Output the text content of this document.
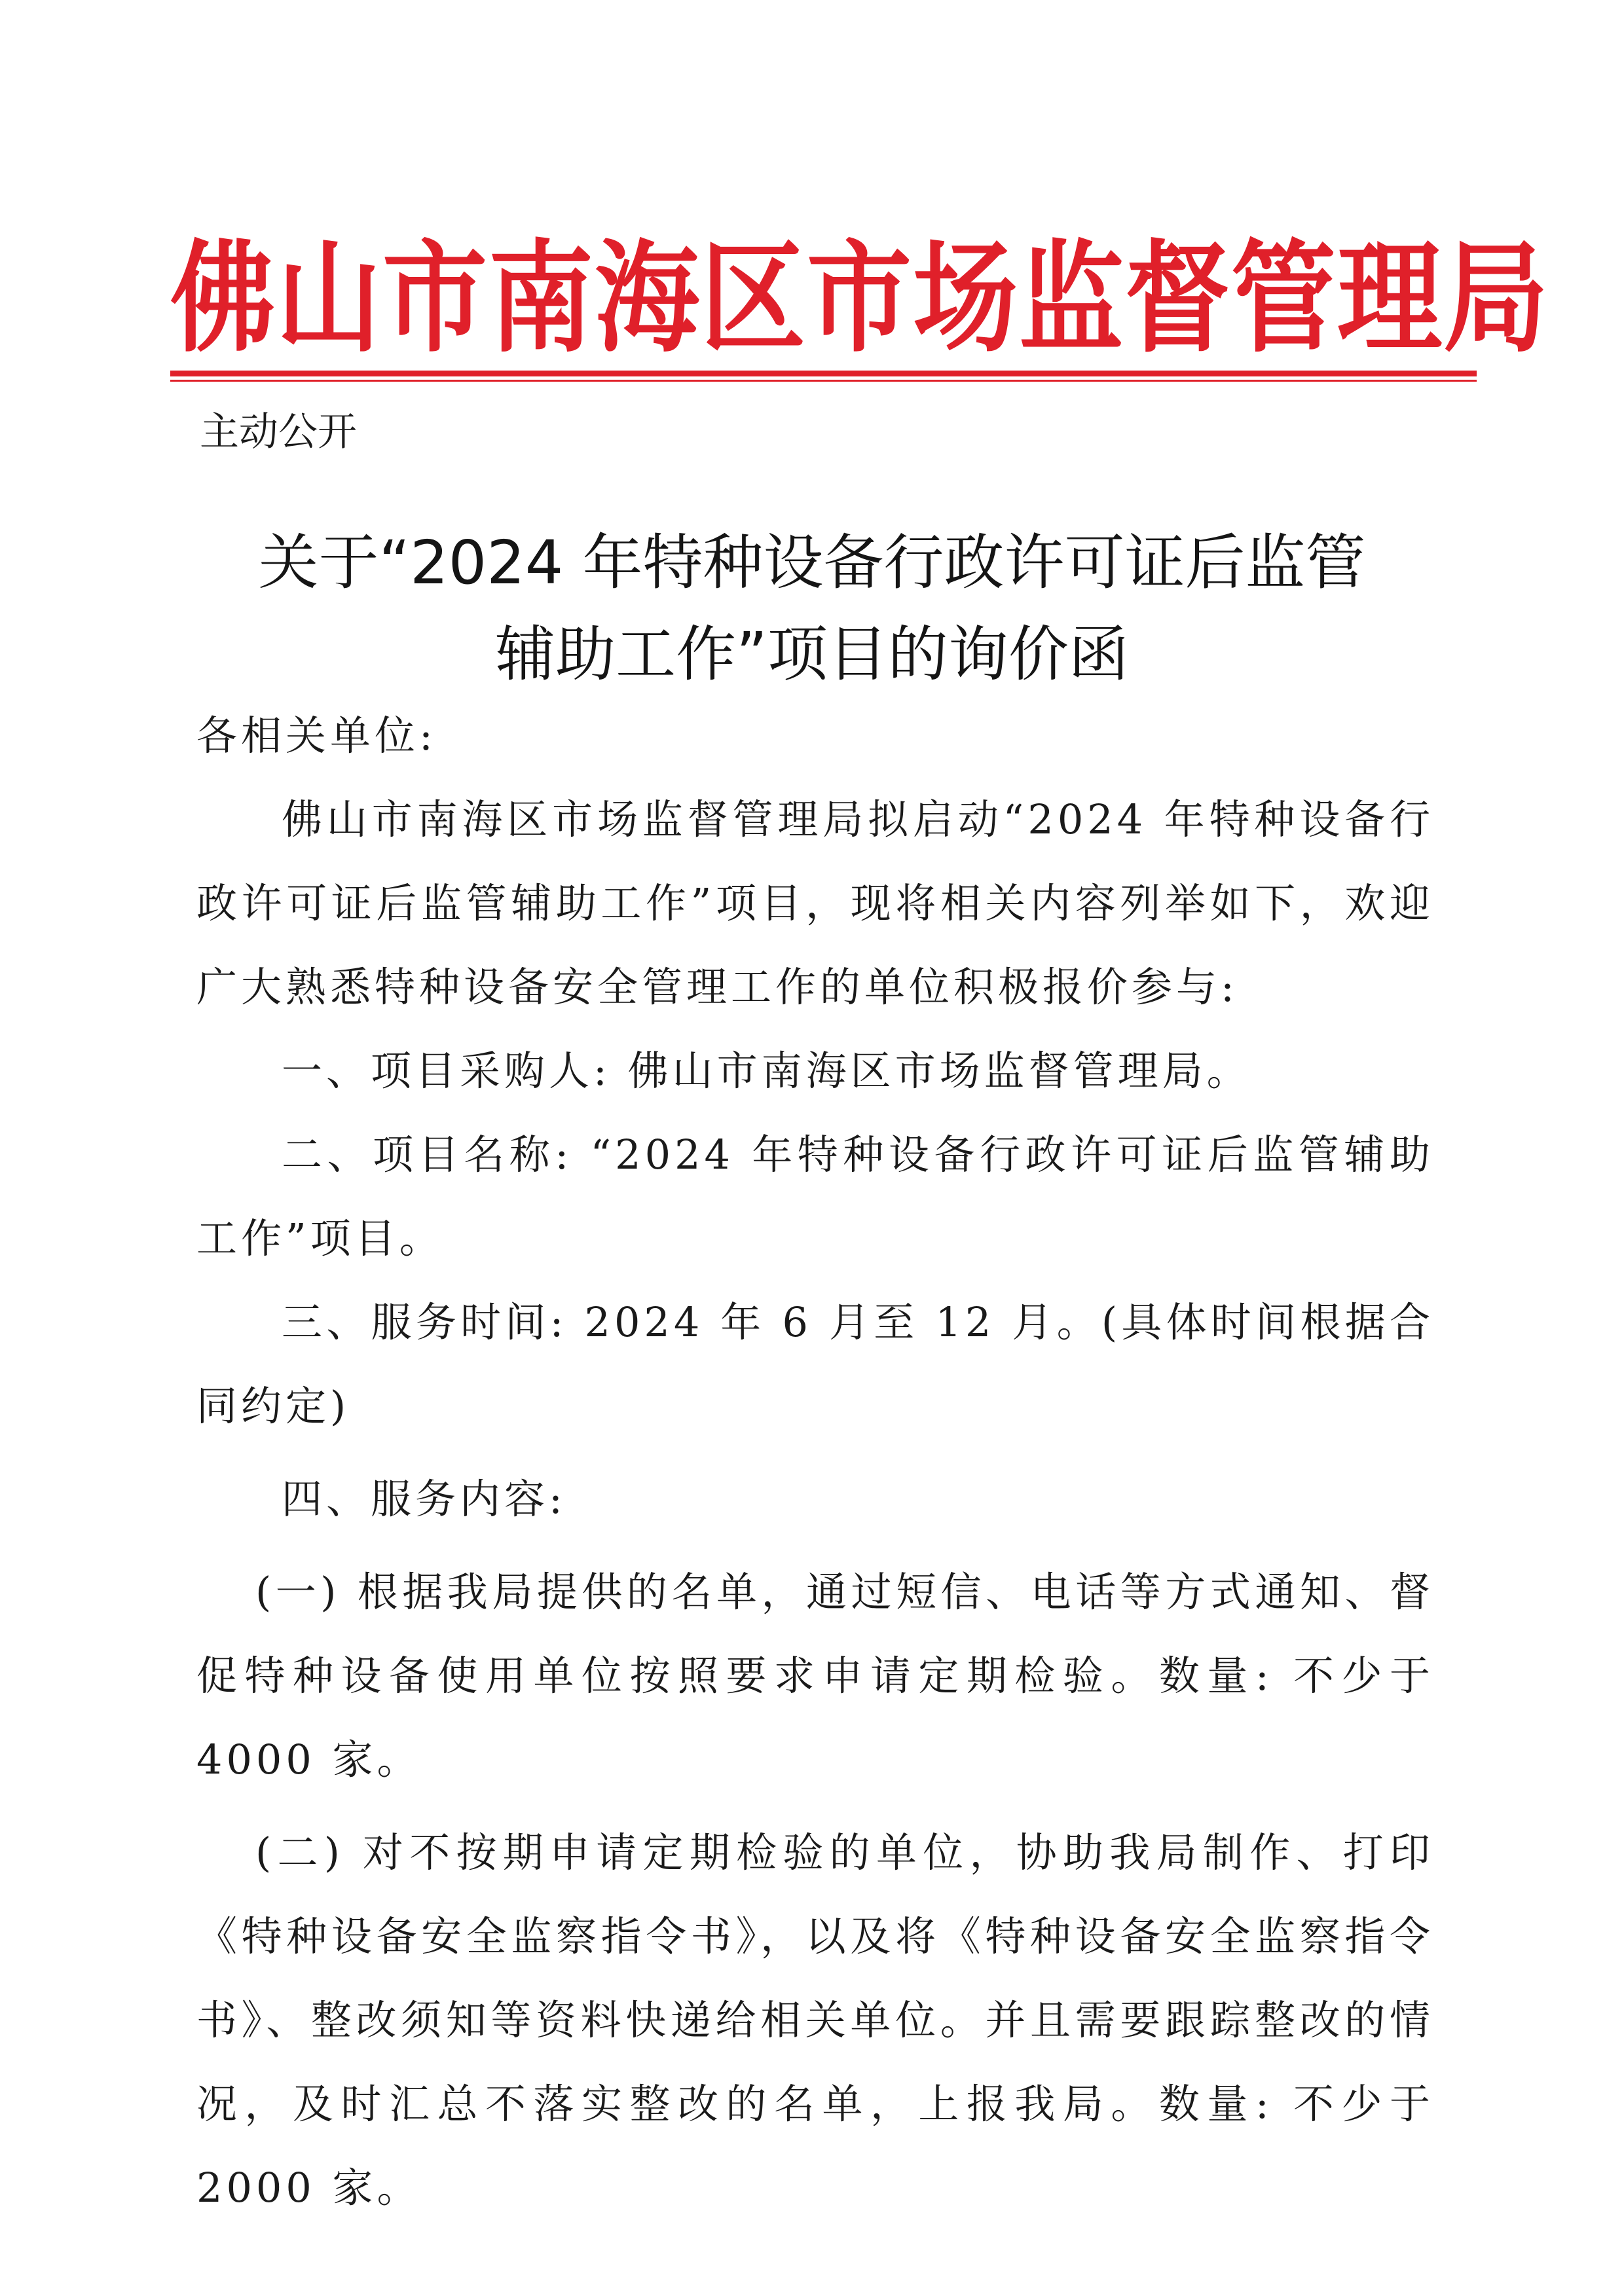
佛山市南海区市场监督管理局
主动公开
关于“2024 年特种设备行政许可证后监管
辅助工作”项目的询价函

各相关单位:

佛山市南海区市场监督管理局拟启动“2024 年特种设备行政许可证后监管辅助工作”项目，现将相关内容列举如下，欢迎广大熟悉特种设备安全管理工作的单位积极报价参与:

一、项目采购人: 佛山市南海区市场监督管理局。

二、项目名称: “2024 年特种设备行政许可证后监管辅助工作”项目。

三、服务时间: 2024 年 6 月至 12 月。(具体时间根据合同约定)

四、服务内容:

(一) 根据我局提供的名单，通过短信、电话等方式通知、督促特种设备使用单位按照要求申请定期检验。数量: 不少于 4000 家。

(二) 对不按期申请定期检验的单位，协助我局制作、打印《特种设备安全监察指令书》，以及将《特种设备安全监察指令书》、整改须知等资料快递给相关单位。并且需要跟踪整改的情况，及时汇总不落实整改的名单，上报我局。数量: 不少于 2000 家。
